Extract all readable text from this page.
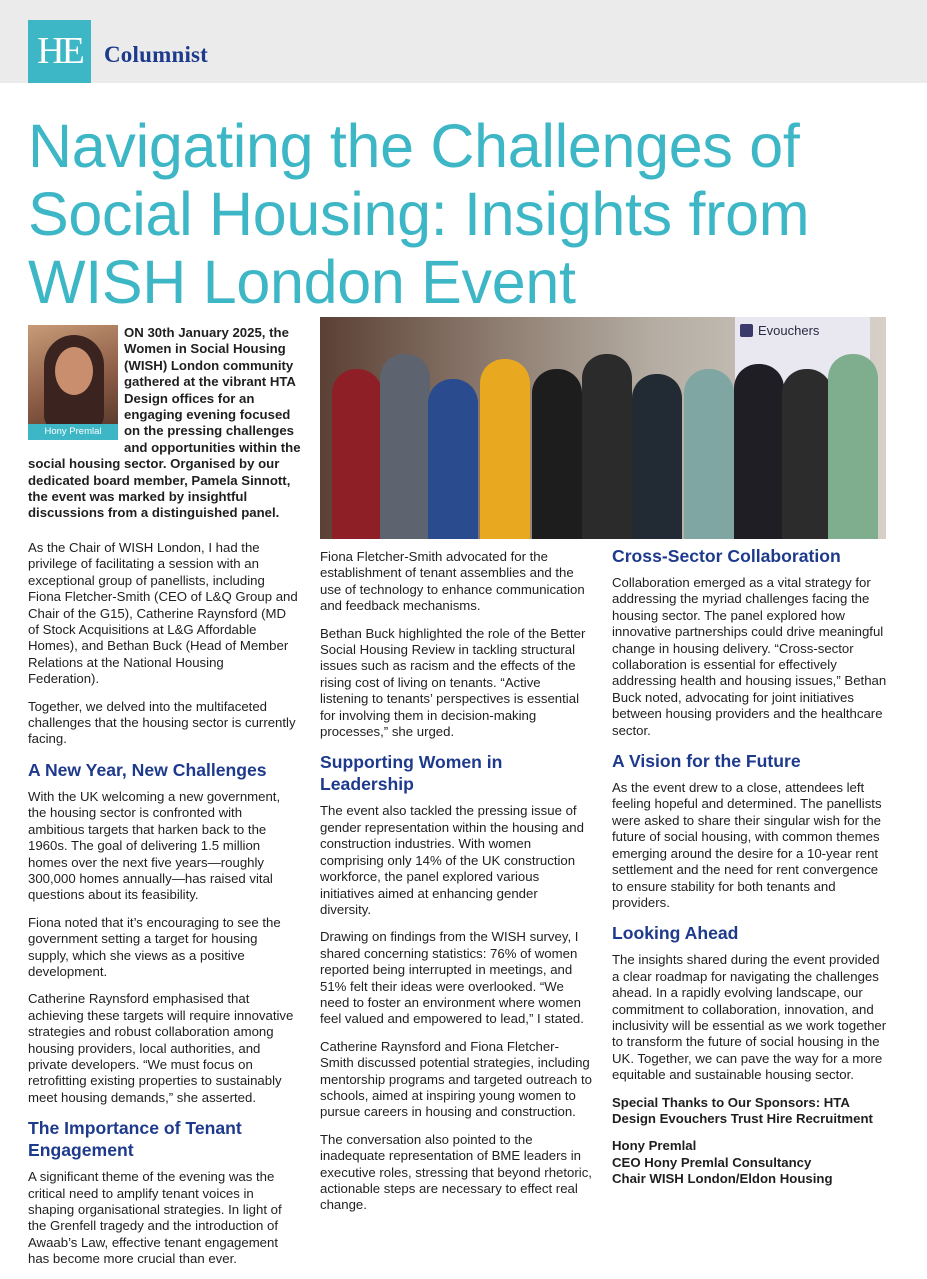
HE Columnist
Navigating the Challenges of Social Housing: Insights from WISH London Event
Hony Premlal

ON 30th January 2025, the Women in Social Housing (WISH) London community gathered at the vibrant HTA Design offices for an engaging evening focused on the pressing challenges and opportunities within the social housing sector. Organised by our dedicated board member, Pamela Sinnott, the event was marked by insightful discussions from a distinguished panel.

Evouchers

As the Chair of WISH London, I had the privilege of facilitating a session with an exceptional group of panellists, including Fiona Fletcher-Smith (CEO of L&Q Group and Chair of the G15), Catherine Raynsford (MD of Stock Acquisitions at L&G Affordable Homes), and Bethan Buck (Head of Member Relations at the National Housing Federation).

Together, we delved into the multifaceted challenges that the housing sector is currently facing.

A New Year, New Challenges

With the UK welcoming a new government, the housing sector is confronted with ambitious targets that harken back to the 1960s. The goal of delivering 1.5 million homes over the next five years—roughly 300,000 homes annually—has raised vital questions about its feasibility.

Fiona noted that it’s encouraging to see the government setting a target for housing supply, which she views as a positive development.

Catherine Raynsford emphasised that achieving these targets will require innovative strategies and robust collaboration among housing providers, local authorities, and private developers. “We must focus on retrofitting existing properties to sustainably meet housing demands,” she asserted.

The Importance of Tenant Engagement

A significant theme of the evening was the critical need to amplify tenant voices in shaping organisational strategies. In light of the Grenfell tragedy and the introduction of Awaab’s Law, effective tenant engagement has become more crucial than ever.

Fiona Fletcher-Smith advocated for the establishment of tenant assemblies and the use of technology to enhance communication and feedback mechanisms.

Bethan Buck highlighted the role of the Better Social Housing Review in tackling structural issues such as racism and the effects of the rising cost of living on tenants. “Active listening to tenants’ perspectives is essential for involving them in decision-making processes,” she urged.

Supporting Women in Leadership

The event also tackled the pressing issue of gender representation within the housing and construction industries. With women comprising only 14% of the UK construction workforce, the panel explored various initiatives aimed at enhancing gender diversity.

Drawing on findings from the WISH survey, I shared concerning statistics: 76% of women reported being interrupted in meetings, and 51% felt their ideas were overlooked. “We need to foster an environment where women feel valued and empowered to lead,” I stated.

Catherine Raynsford and Fiona Fletcher-Smith discussed potential strategies, including mentorship programs and targeted outreach to schools, aimed at inspiring young women to pursue careers in housing and construction.

The conversation also pointed to the inadequate representation of BME leaders in executive roles, stressing that beyond rhetoric, actionable steps are necessary to effect real change.

Cross-Sector Collaboration

Collaboration emerged as a vital strategy for addressing the myriad challenges facing the housing sector. The panel explored how innovative partnerships could drive meaningful change in housing delivery. “Cross-sector collaboration is essential for effectively addressing health and housing issues,” Bethan Buck noted, advocating for joint initiatives between housing providers and the healthcare sector.

A Vision for the Future

As the event drew to a close, attendees left feeling hopeful and determined. The panellists were asked to share their singular wish for the future of social housing, with common themes emerging around the desire for a 10-year rent settlement and the need for rent convergence to ensure stability for both tenants and providers.

Looking Ahead

The insights shared during the event provided a clear roadmap for navigating the challenges ahead. In a rapidly evolving landscape, our commitment to collaboration, innovation, and inclusivity will be essential as we work together to transform the future of social housing in the UK. Together, we can pave the way for a more equitable and sustainable housing sector.

Special Thanks to Our Sponsors: HTA Design Evouchers Trust Hire Recruitment

Hony Premlal
CEO Hony Premlal Consultancy
Chair WISH London/Eldon Housing
